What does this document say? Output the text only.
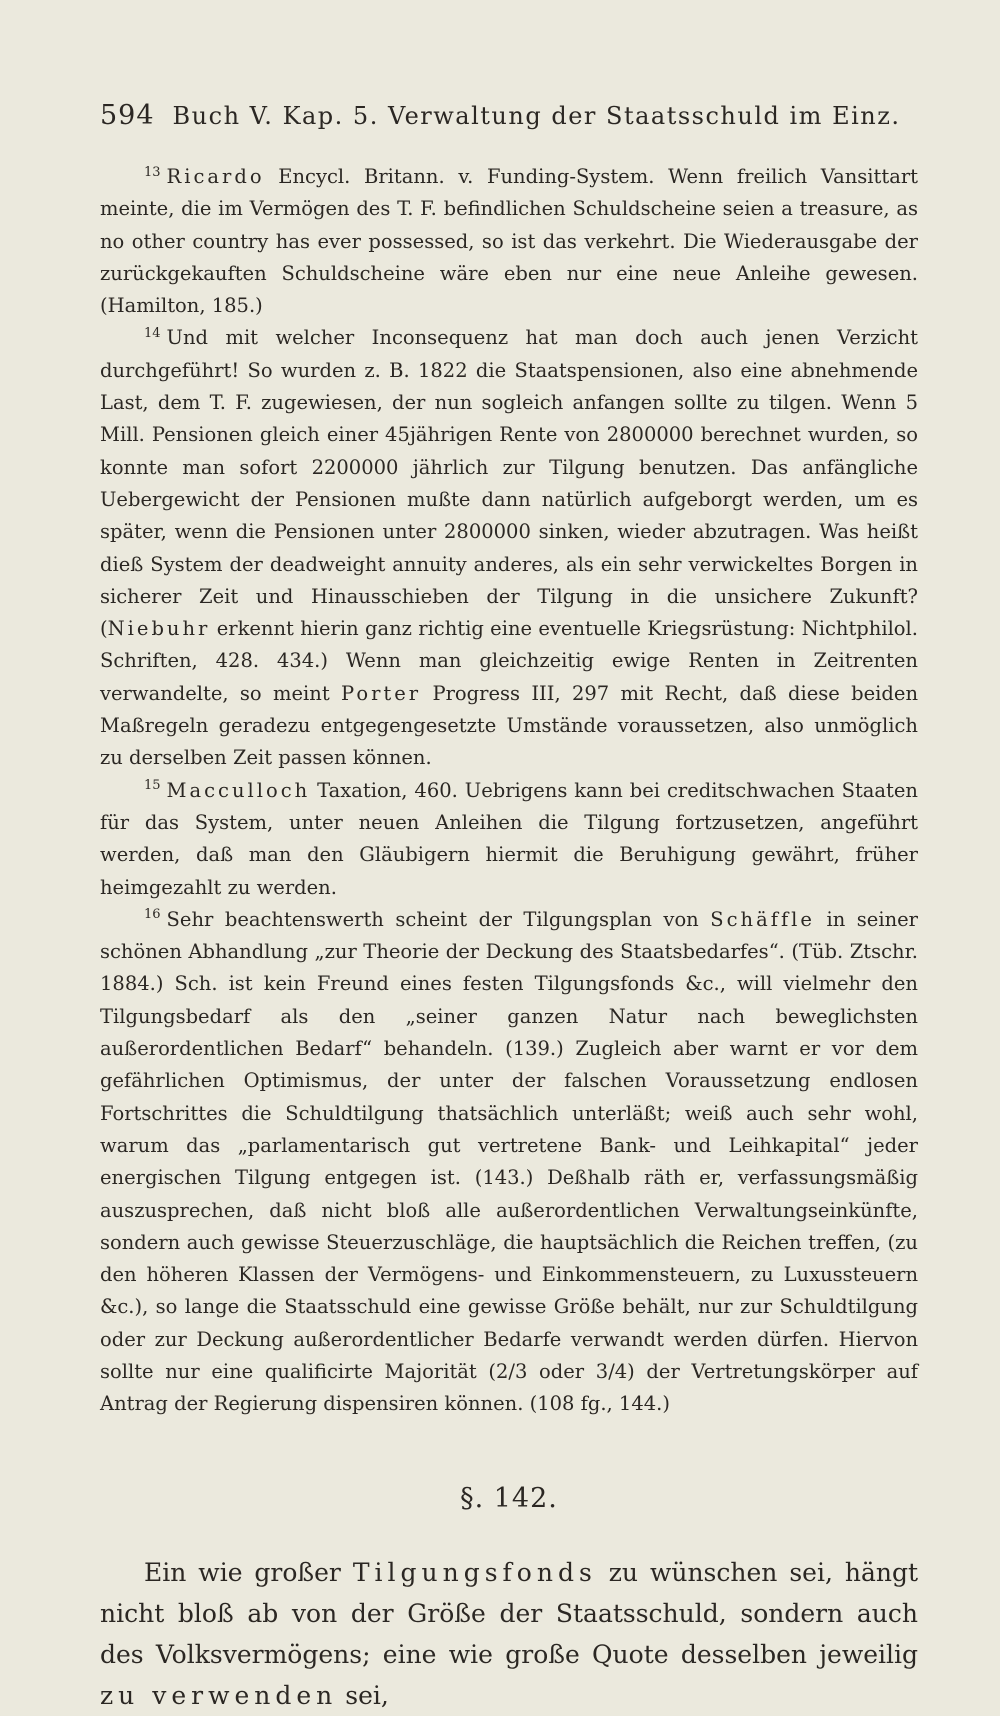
594 Buch V. Kap. 5. Verwaltung der Staatsschuld im Einz.

$^{13}$ Ricardo Encycl. Britann. v. Funding-System. Wenn freilich Vansittart meinte, die im Vermögen des T. F. befindlichen Schuldscheine seien a treasure, as no other country has ever possessed, so ist das verkehrt. Die Wiederausgabe der zurückgekauften Schuldscheine wäre eben nur eine neue Anleihe gewesen. (Hamilton, 185.)

$^{14}$ Und mit welcher Inconsequenz hat man doch auch jenen Verzicht durchgeführt! So wurden z. B. 1822 die Staatspensionen, also eine abnehmende Last, dem T. F. zugewiesen, der nun sogleich anfangen sollte zu tilgen. Wenn 5 Mill. Pensionen gleich einer 45jährigen Rente von 2800000 berechnet wurden, so konnte man sofort 2200000 jährlich zur Tilgung benutzen. Das anfängliche Uebergewicht der Pensionen mußte dann natürlich aufgeborgt werden, um es später, wenn die Pensionen unter 2800000 sinken, wieder abzutragen. Was heißt dieß System der deadweight annuity anderes, als ein sehr verwickeltes Borgen in sicherer Zeit und Hinausschieben der Tilgung in die unsichere Zukunft? (Niebuhr erkennt hierin ganz richtig eine eventuelle Kriegsrüstung: Nichtphilol. Schriften, 428. 434.) Wenn man gleichzeitig ewige Renten in Zeitrenten verwandelte, so meint Porter Progress III, 297 mit Recht, daß diese beiden Maßregeln geradezu entgegengesetzte Umstände voraussetzen, also unmöglich zu derselben Zeit passen können.

$^{15}$ Macculloch Taxation, 460. Uebrigens kann bei creditschwachen Staaten für das System, unter neuen Anleihen die Tilgung fortzusetzen, angeführt werden, daß man den Gläubigern hiermit die Beruhigung gewährt, früher heimgezahlt zu werden.

$^{16}$ Sehr beachtenswerth scheint der Tilgungsplan von Schäffle in seiner schönen Abhandlung „zur Theorie der Deckung des Staatsbedarfes“. (Tüb. Ztschr. 1884.) Sch. ist kein Freund eines festen Tilgungsfonds &c., will vielmehr den Tilgungsbedarf als den „seiner ganzen Natur nach beweglichsten außerordentlichen Bedarf“ behandeln. (139.) Zugleich aber warnt er vor dem gefährlichen Optimismus, der unter der falschen Voraussetzung endlosen Fortschrittes die Schuldtilgung thatsächlich unterläßt; weiß auch sehr wohl, warum das „parlamentarisch gut vertretene Bank- und Leihkapital“ jeder energischen Tilgung entgegen ist. (143.) Deßhalb räth er, verfassungsmäßig auszusprechen, daß nicht bloß alle außerordentlichen Verwaltungseinkünfte, sondern auch gewisse Steuerzuschläge, die hauptsächlich die Reichen treffen, (zu den höheren Klassen der Vermögens- und Einkommensteuern, zu Luxussteuern &c.), so lange die Staatsschuld eine gewisse Größe behält, nur zur Schuldtilgung oder zur Deckung außerordentlicher Bedarfe verwandt werden dürfen. Hiervon sollte nur eine qualificirte Majorität (2/3 oder 3/4) der Vertretungskörper auf Antrag der Regierung dispensiren können. (108 fg., 144.)

§. 142.

Ein wie großer Tilgungsfonds zu wünschen sei, hängt nicht bloß ab von der Größe der Staatsschuld, sondern auch des Volksvermögens; eine wie große Quote desselben jeweilig zu verwenden sei,
